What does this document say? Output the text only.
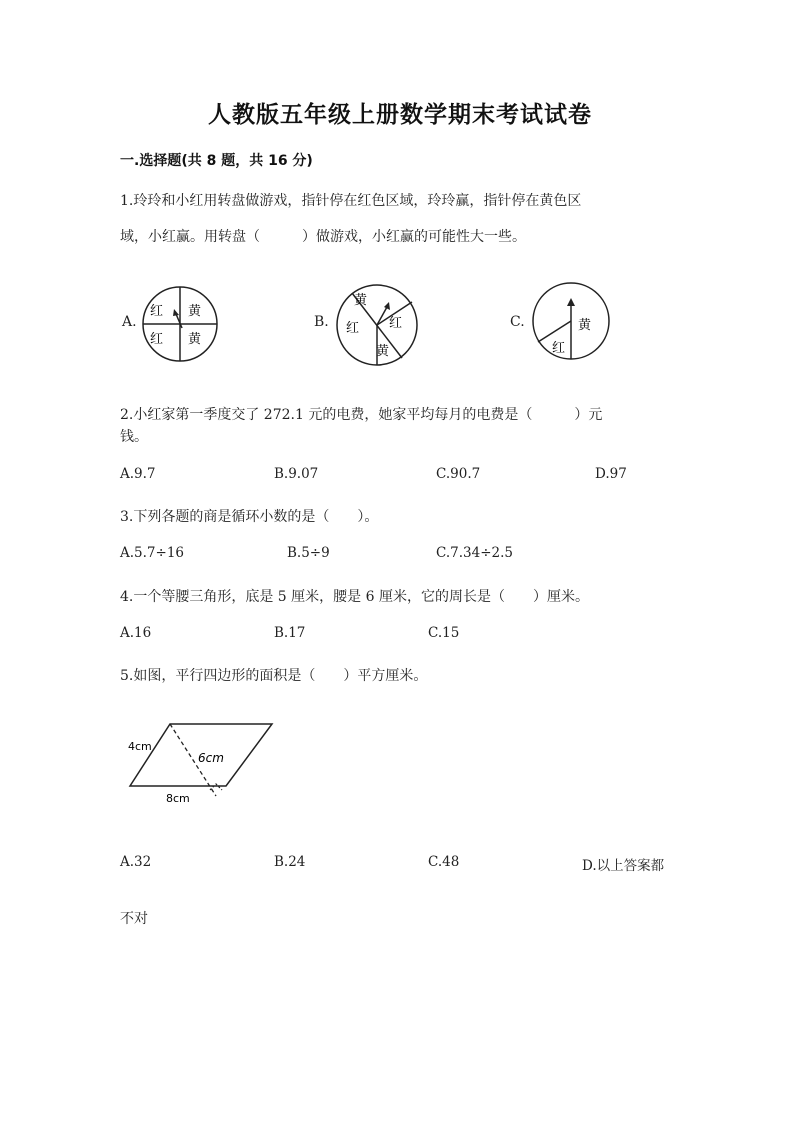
人教版五年级上册数学期末考试试卷
一.选择题(共 8 题，共 16 分)
1.玲玲和小红用转盘做游戏，指针停在红色区域，玲玲赢，指针停在黄色区
域，小红赢。用转盘（　　　）做游戏，小红赢的可能性大一些。
A.	B.	C.
红 黄
红 黄
黄
红 红
黄
黄
红
2.小红家第一季度交了 272.1 元的电费，她家平均每月的电费是（　　　）元
钱。
A.9.7	B.9.07	C.90.7	D.97
3.下列各题的商是循环小数的是（　　）。
A.5.7÷16	B.5÷9	C.7.34÷2.5
4.一个等腰三角形，底是 5 厘米，腰是 6 厘米，它的周长是（　　）厘米。
A.16	B.17	C.15
5.如图，平行四边形的面积是（　　）平方厘米。
4cm
6cm
8cm
A.32	B.24	C.48	D.以上答案都
不对
